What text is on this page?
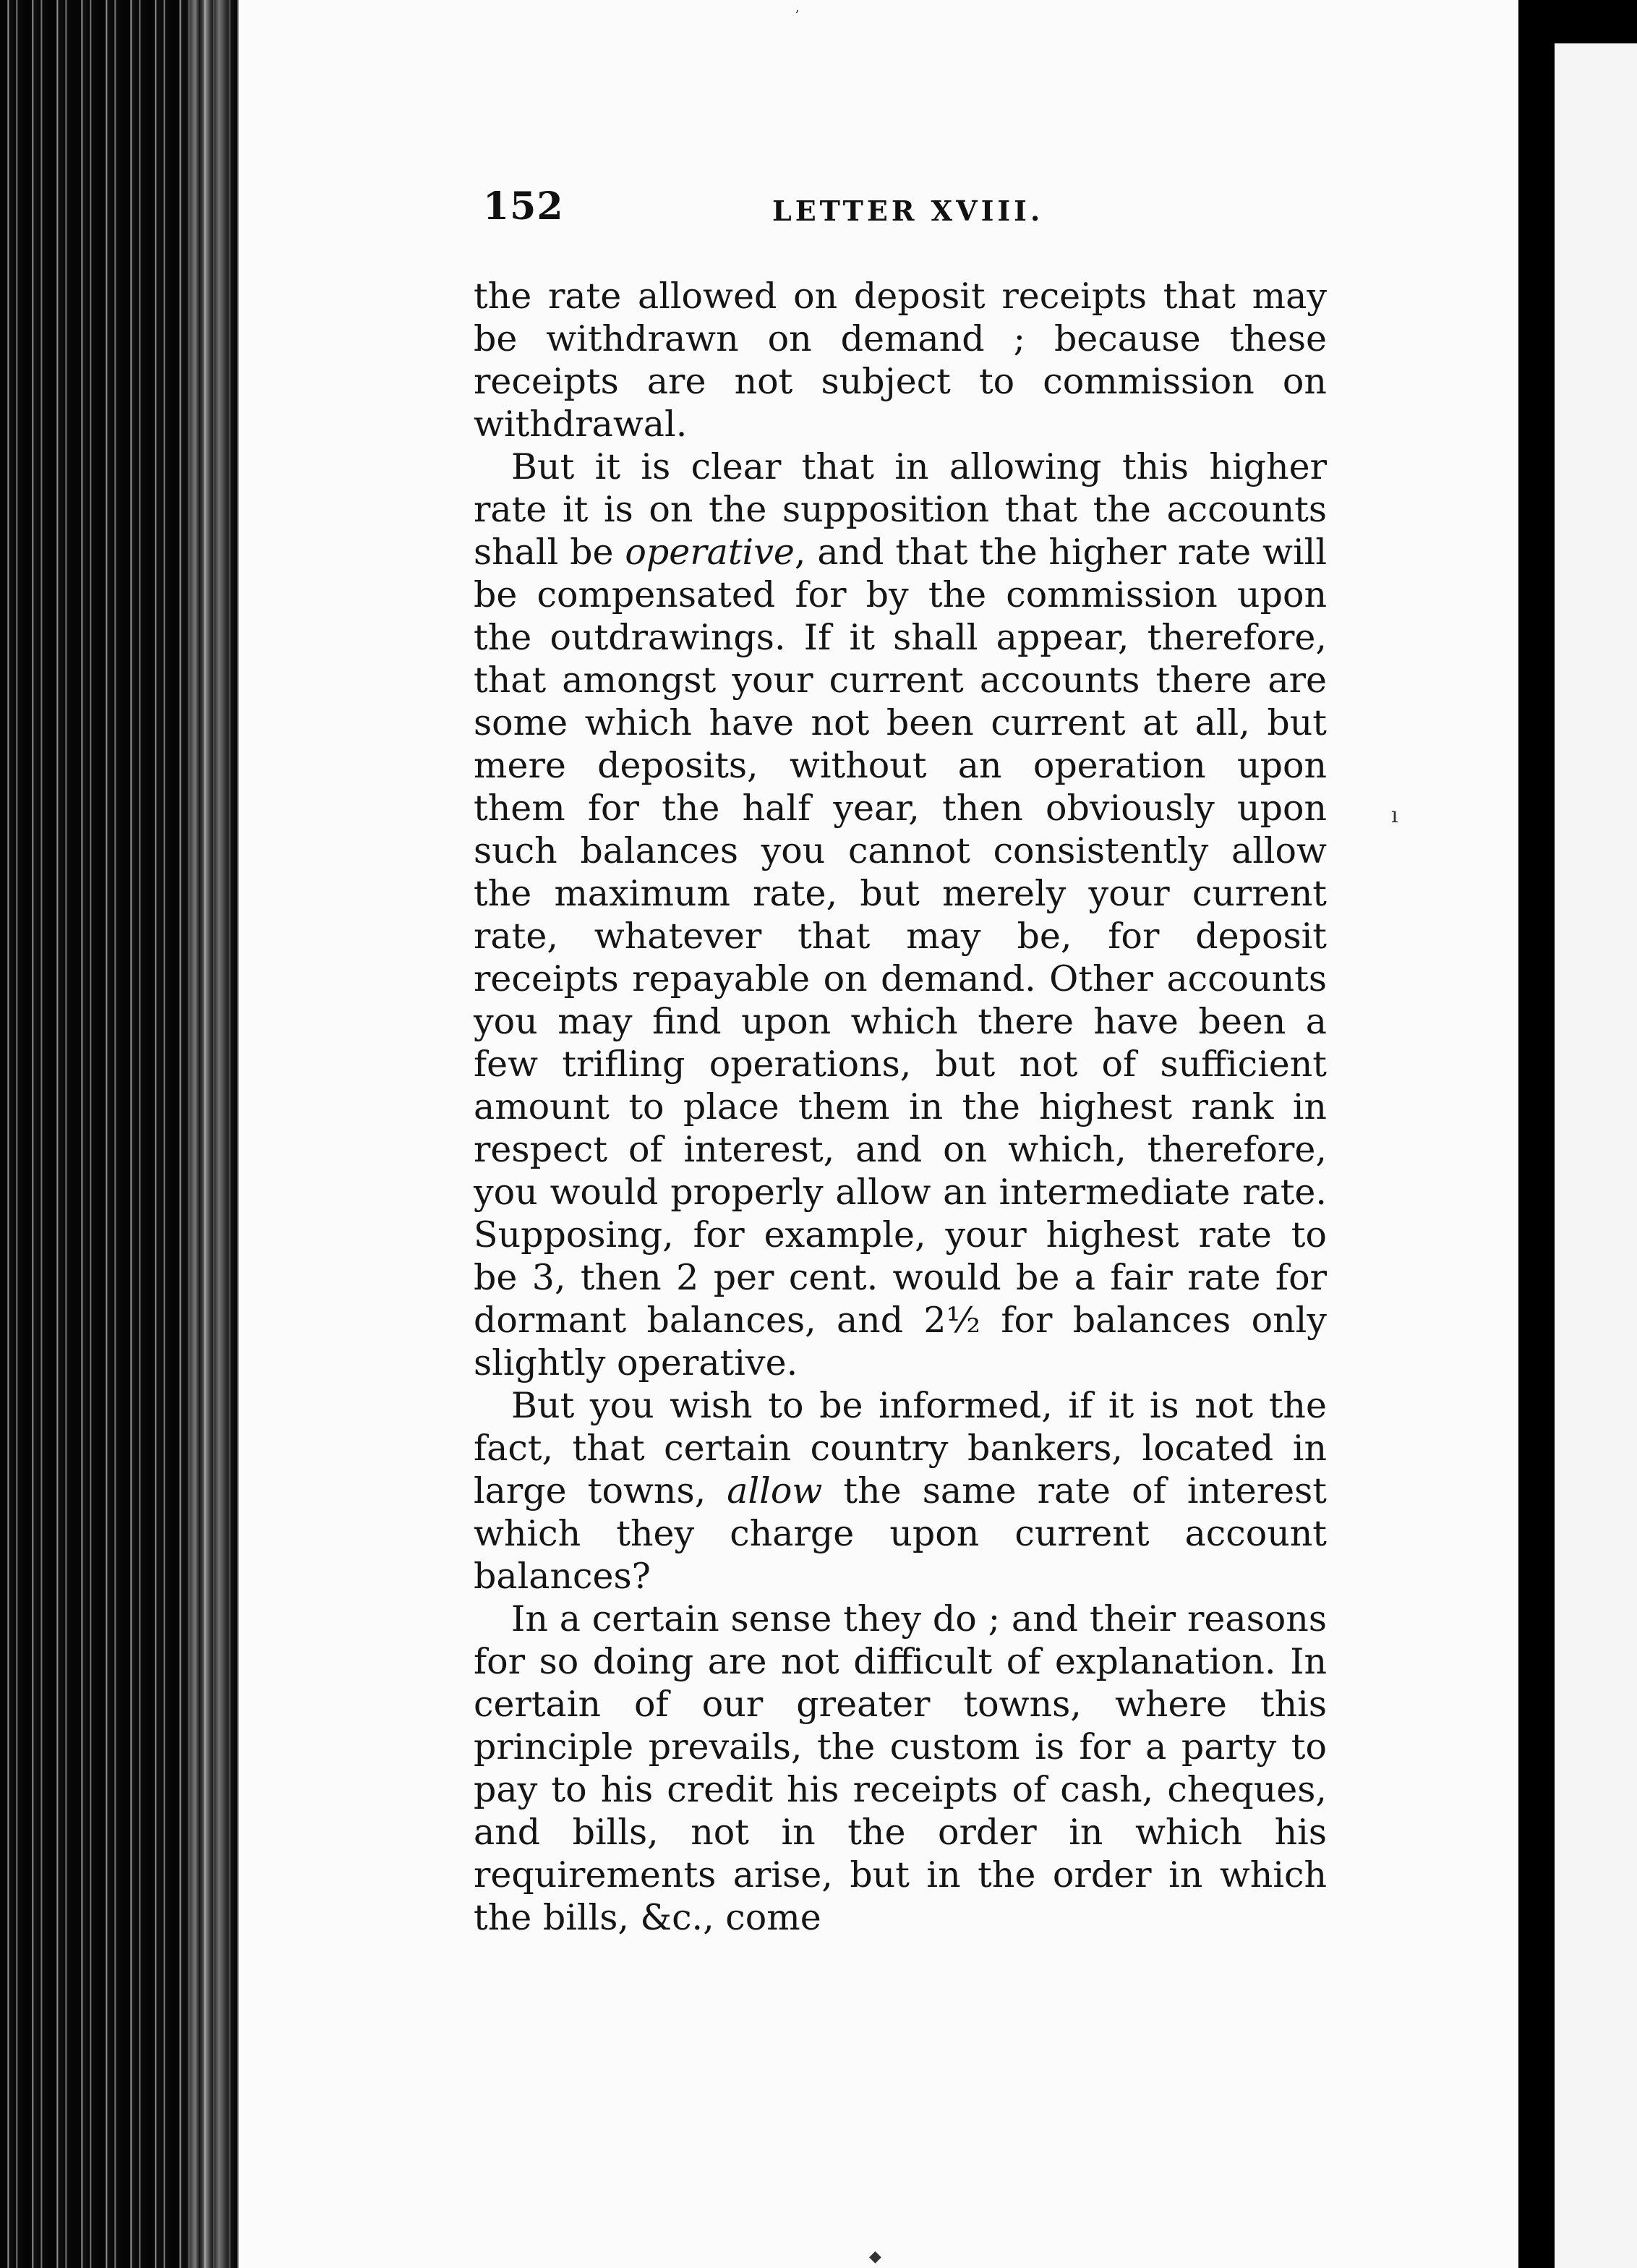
152	LETTER XVIII.

the rate allowed on deposit receipts that may be withdrawn on demand ; because these receipts are not subject to commission on withdrawal.

But it is clear that in allowing this higher rate it is on the supposition that the accounts shall be operative, and that the higher rate will be compensated for by the commission upon the outdrawings. If it shall appear, therefore, that amongst your current accounts there are some which have not been current at all, but mere deposits, without an operation upon them for the half year, then obviously upon such balances you cannot consistently allow the maximum rate, but merely your current rate, whatever that may be, for deposit receipts repayable on demand. Other accounts you may find upon which there have been a few trifling operations, but not of sufficient amount to place them in the highest rank in respect of interest, and on which, therefore, you would properly allow an intermediate rate. Supposing, for example, your highest rate to be 3, then 2 per cent. would be a fair rate for dormant balances, and 2½ for balances only slightly operative.

But you wish to be informed, if it is not the fact, that certain country bankers, located in large towns, allow the same rate of interest which they charge upon current account balances?

In a certain sense they do ; and their reasons for so doing are not difficult of explanation. In certain of our greater towns, where this principle prevails, the custom is for a party to pay to his credit his receipts of cash, cheques, and bills, not in the order in which his requirements arise, but in the order in which the bills, &c., come

,
ı
◆
